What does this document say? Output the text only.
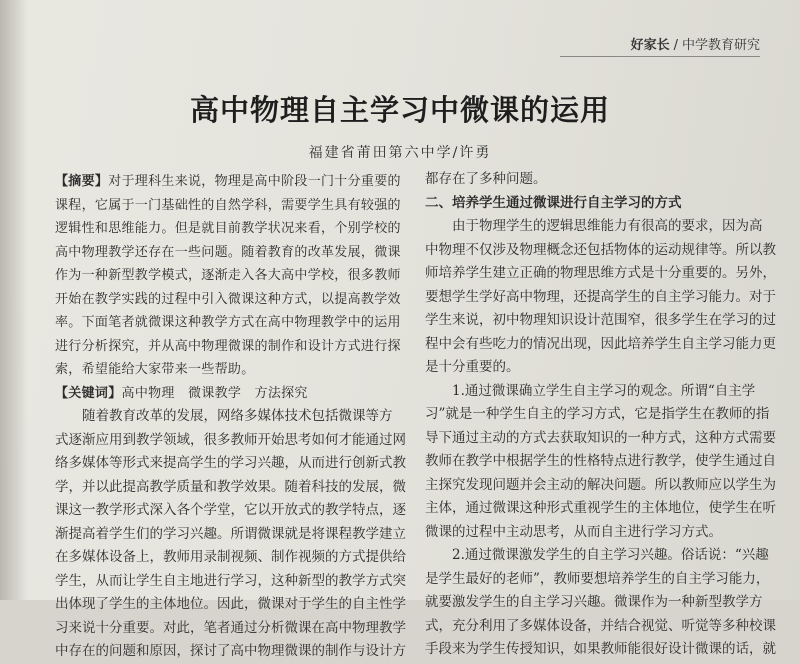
好家长 / 中学教育研究
高中物理自主学习中微课的运用
福建省莆田第六中学/许勇
【摘要】对于理科生来说，物理是高中阶段一门十分重要的
课程，它属于一门基础性的自然学科，需要学生具有较强的
逻辑性和思维能力。但是就目前教学状况来看，个别学校的
高中物理教学还存在一些问题。随着教育的改革发展，微课
作为一种新型教学模式，逐渐走入各大高中学校，很多教师
开始在教学实践的过程中引入微课这种方式，以提高教学效
率。下面笔者就微课这种教学方式在高中物理教学中的运用
进行分析探究，并从高中物理微课的制作和设计方式进行探
索，希望能给大家带来一些帮助。
【关键词】高中物理　微课教学　方法探究
　　随着教育改革的发展，网络多媒体技术包括微课等方
式逐渐应用到教学领域，很多教师开始思考如何才能通过网
络多媒体等形式来提高学生的学习兴趣，从而进行创新式教
学，并以此提高教学质量和教学效果。随着科技的发展，微
课这一教学形式深入各个学堂，它以开放式的教学特点，逐
渐提高着学生们的学习兴趣。所谓微课就是将课程教学建立
在多媒体设备上，教师用录制视频、制作视频的方式提供给
学生，从而让学生自主地进行学习，这种新型的教学方式突
出体现了学生的主体地位。因此，微课对于学生的自主性学
习来说十分重要。对此，笔者通过分析微课在高中物理教学
中存在的问题和原因，探讨了高中物理微课的制作与设计方
都存在了多种问题。
二、培养学生通过微课进行自主学习的方式
　　由于物理学生的逻辑思维能力有很高的要求，因为高
中物理不仅涉及物理概念还包括物体的运动规律等。所以教
师培养学生建立正确的物理思维方式是十分重要的。另外，
要想学生学好高中物理，还提高学生的自主学习能力。对于
学生来说，初中物理知识设计范围窄，很多学生在学习的过
程中会有些吃力的情况出现，因此培养学生自主学习能力更
是十分重要的。
　　1.通过微课确立学生自主学习的观念。所谓“自主学
习”就是一种学生自主的学习方式，它是指学生在教师的指
导下通过主动的方式去获取知识的一种方式，这种方式需要
教师在教学中根据学生的性格特点进行教学，使学生通过自
主探究发现问题并会主动的解决问题。所以教师应以学生为
主体，通过微课这种形式重视学生的主体地位，使学生在听
微课的过程中主动思考，从而自主进行学习方式。
　　2.通过微课激发学生的自主学习兴趣。俗话说：“兴趣
是学生最好的老师”，教师要想培养学生的自主学习能力，
就要激发学生的自主学习兴趣。微课作为一种新型教学方
式，充分利用了多媒体设备，并结合视觉、听觉等多种校课
手段来为学生传授知识，如果教师能很好设计微课的话，就
